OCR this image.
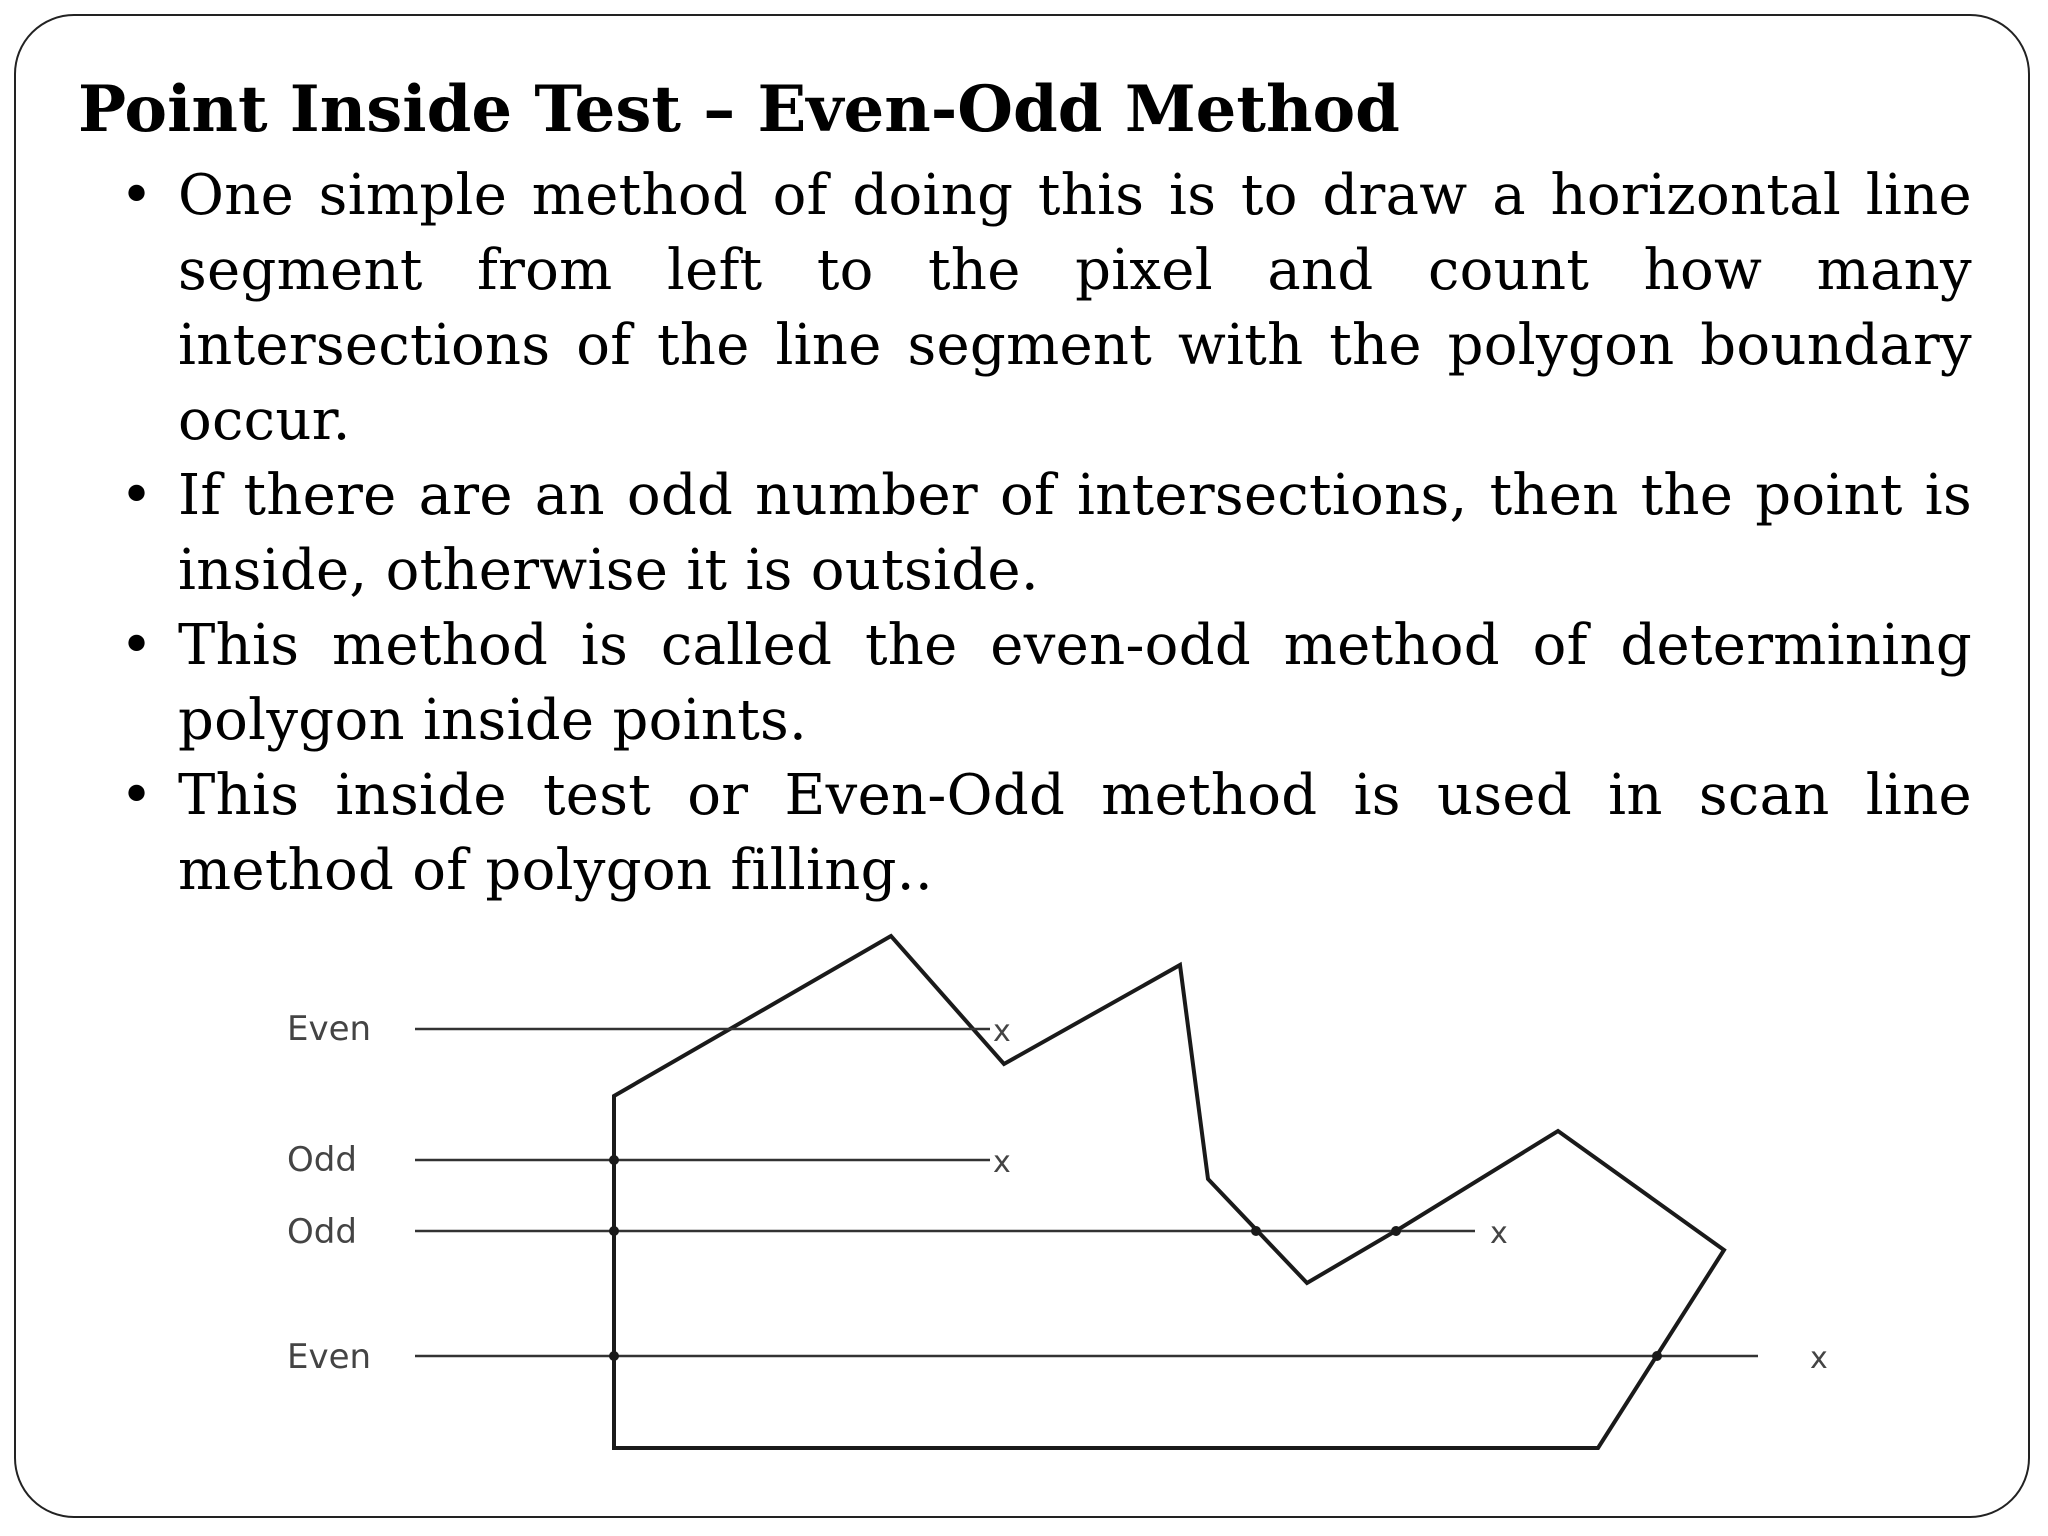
Point Inside Test – Even-Odd Method
• One simple method of doing this is to draw a horizontal line segment from left to the pixel and count how many intersections of the line segment with the polygon boundary occur.
• If there are an odd number of intersections, then the point is inside, otherwise it is outside.
• This method is called the even-odd method of determining polygon inside points.
• This inside test or Even-Odd method is used in scan line method of polygon filling..
Even	x
Odd	x
Odd	x
Even	x
